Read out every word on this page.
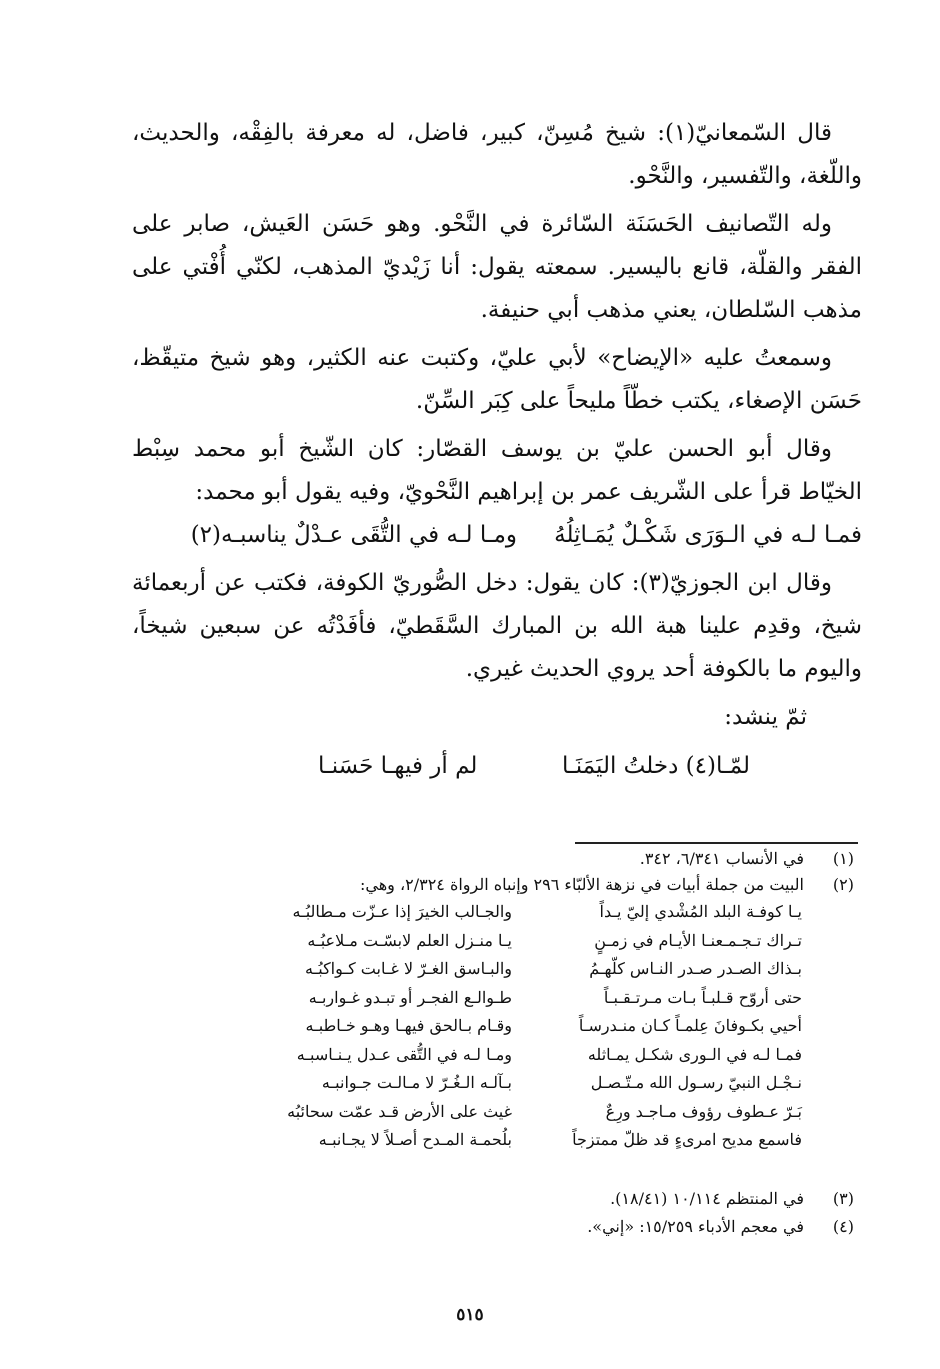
قال السّمعانيّ(١): شيخ مُسِنّ، كبير، فاضل، له معرفة بالفِقْه، والحديث، واللّغة، والتّفسير، والنَّحْو.

وله التّصانيف الحَسَنَة السّائرة في النَّحْو. وهو حَسَن العَيش، صابر على الفقر والقلّة، قانع باليسير. سمعته يقول: أنا زَيْديّ المذهب، لكنّي أُفْتي على مذهب السّلطان، يعني مذهب أبي حنيفة.

وسمعتُ عليه «الإيضاح» لأبي عليّ، وكتبت عنه الكثير، وهو شيخ متيقّظ، حَسَن الإصغاء، يكتب خطّاً مليحاً على كِبَر السِّنّ.

وقال أبو الحسن عليّ بن يوسف القصّار: كان الشّيخ أبو محمد سِبْط الخيّاط قرأ على الشّريف عمر بن إبراهيم النَّحْويّ، وفيه يقول أبو محمد:

فمـا لـه في الـوَرَى شَكْـلٌ يُمَـاثِلُهُ
ومـا لـه في التُّقَى عـدْلٌ يناسبـه(٢)

وقال ابن الجوزيّ(٣): كان يقول: دخل الصُّوريّ الكوفة، فكتب عن أربعمائة شيخ، وقدِم علينا هبة الله بن المبارك السَّقَطيّ، فأفَدْتُه عن سبعين شيخاً، واليوم ما بالكوفة أحد يروي الحديث غيري.

ثمّ ينشد:

لمّـا(٤) دخلتُ اليَمَنَـا  لم أر فيهـا حَسَنـا
(١)
في الأنساب ٦/٣٤١، ٣٤٢.
(٢)
البيت من جملة أبيات في نزهة الألبّاء ٢٩٦ وإنباه الرواة ٢/٣٢٤، وهي:
يـا كوفـة البلد المُشْدي إليّ يـداً
والجـالب الخيرَ إذا عـزّت مـطالبُـه
تـراك تـجـمـعنـا الأيـام في زمـنٍ
يـا منـزل العلم لابسّـت مـلاعبُـه
بـذاك الصـدر صـدر النـاس كلّهـمُ
والبـاسق الغـرّ لا غـابت كـواكبُـه
حتى أروّح قـلبـاً بـات مـرتـقـبـاً
طـوالـع الفجـر أو تبـدو غـواربـه
أحيي بكـوفانَ عِلمـاً كـان منـدرسـاً
وقـام بـالحق فيهـا وهـو خـاطبـه
فمـا لـه في الـورى شكـل يمـاثله
ومـا لـه في التُّقى عـدل يـنـاسبـه
نـجْـل النبيّ رسـول الله مـتّـصـل
بـآلـه الـغُـرّ لا مـالـت جـوانبـه
بَـرّ عـطوف رؤوف مـاجـد ورِعٌ
غيث على الأرض قـد عمّت سحائبُه
فاسمع مديح امرىءٍ قد ظلّ ممتزجاً
بلُحمـة المـدح أصـلاً لا يجـانبـه
(٣)
في المنتظم ١٠/١١٤ (١٨/٤١).
(٤)
في معجم الأدباء ١٥/٢٥٩: «إني».
٥١٥
